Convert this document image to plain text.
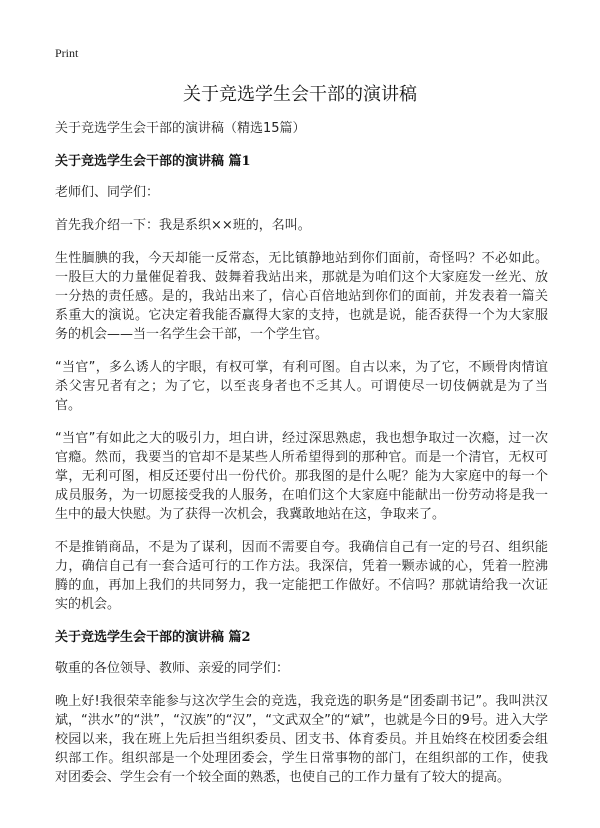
Print
关于竞选学生会干部的演讲稿
关于竞选学生会干部的演讲稿（精选15篇）
关于竞选学生会干部的演讲稿 篇1
老师们、同学们：
首先我介绍一下：我是系织××班的，名叫。
生性腼腆的我，今天却能一反常态，无比镇静地站到你们面前，奇怪吗？不必如此。一股巨大的力量催促着我、鼓舞着我站出来，那就是为咱们这个大家庭发一丝光、放一分热的责任感。是的，我站出来了，信心百倍地站到你们的面前，并发表着一篇关系重大的演说。它决定着我能否赢得大家的支持，也就是说，能否获得一个为大家服务的机会——当一名学生会干部，一个学生官。
“当官”，多么诱人的字眼，有权可掌，有利可图。自古以来，为了它，不顾骨肉情谊杀父害兄者有之；为了它，以至丧身者也不乏其人。可谓使尽一切伎俩就是为了当官。
“当官”有如此之大的吸引力，坦白讲，经过深思熟虑，我也想争取过一次瘾，过一次官瘾。然而，我要当的官却不是某些人所希望得到的那种官。而是一个清官，无权可掌，无利可图，相反还要付出一份代价。那我图的是什么呢？能为大家庭中的每一个成员服务，为一切愿接受我的人服务，在咱们这个大家庭中能献出一份劳动将是我一生中的最大快慰。为了获得一次机会，我冀敢地站在这，争取来了。
不是推销商品，不是为了谋利，因而不需要自夸。我确信自己有一定的号召、组织能力，确信自己有一套合适可行的工作方法。我深信，凭着一颗赤诚的心，凭着一腔沸腾的血，再加上我们的共同努力，我一定能把工作做好。不信吗？那就请给我一次证实的机会。
关于竞选学生会干部的演讲稿 篇2
敬重的各位领导、教师、亲爱的同学们：
晚上好!我很荣幸能参与这次学生会的竞选，我竞选的职务是“团委副书记”。我叫洪汉斌，“洪水”的“洪”，“汉族”的“汉”，“文武双全”的“斌”，也就是今日的9号。进入大学校园以来，我在班上先后担当组织委员、团支书、体育委员。并且始终在校团委会组织部工作。组织部是一个处理团委会，学生日常事物的部门，在组织部的工作，使我对团委会、学生会有一个较全面的熟悉，也使自己的工作力量有了较大的提高。
